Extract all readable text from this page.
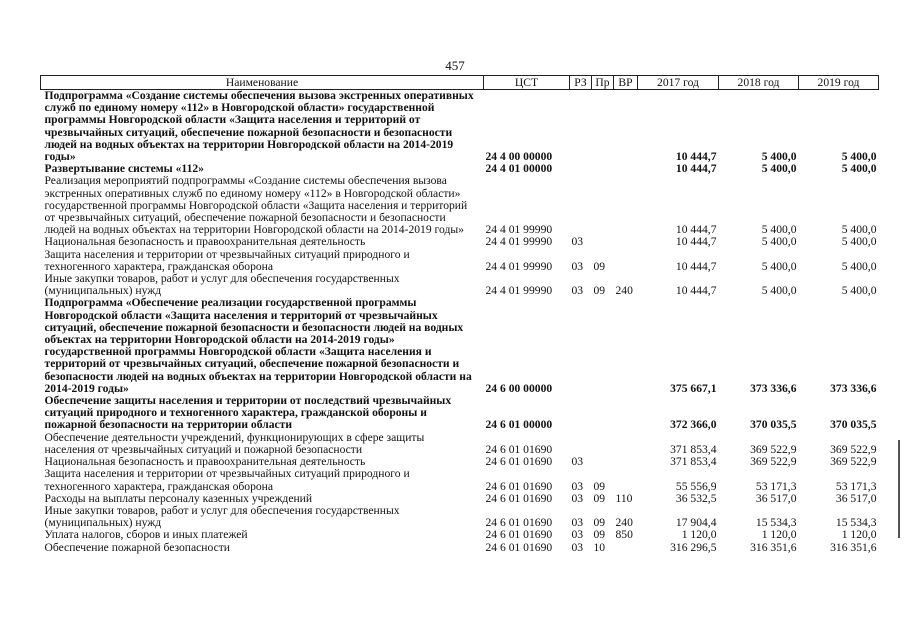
457
Наименование	ЦСТ	РЗ	Пр	ВР	2017 год	2018 год	2019 год
Подпрограмма «Создание системы обеспечения вызова экстренных оперативных служб по единому номеру «112» в Новгородской области» государственной программы Новгородской области «Защита населения и территорий от чрезвычайных ситуаций, обеспечение пожарной безопасности и безопасности людей на водных объектах на территории Новгородской области на 2014-2019 годы»	24 4 00 00000				10 444,7	5 400,0	5 400,0
Развертывание системы «112»	24 4 01 00000				10 444,7	5 400,0	5 400,0
Реализация мероприятий подпрограммы «Создание системы обеспечения вызова экстренных оперативных служб по единому номеру «112» в Новгородской области» государственной программы Новгородской области «Защита населения и территорий от чрезвычайных ситуаций, обеспечение пожарной безопасности и безопасности людей на водных объектах на территории Новгородской области на 2014-2019 годы»	24 4 01 99990				10 444,7	5 400,0	5 400,0
Национальная безопасность и правоохранительная деятельность	24 4 01 99990	03			10 444,7	5 400,0	5 400,0
Защита населения и территории от чрезвычайных ситуаций природного и техногенного характера, гражданская оборона	24 4 01 99990	03	09		10 444,7	5 400,0	5 400,0
Иные закупки товаров, работ и услуг для обеспечения государственных (муниципальных) нужд	24 4 01 99990	03	09	240	10 444,7	5 400,0	5 400,0
Подпрограмма «Обеспечение реализации государственной программы Новгородской области «Защита населения и территорий от чрезвычайных ситуаций, обеспечение пожарной безопасности и безопасности людей на водных объектах на территории Новгородской области на 2014-2019 годы» государственной программы Новгородской области «Защита населения и территорий от чрезвычайных ситуаций, обеспечение пожарной безопасности и безопасности людей на водных объектах на территории Новгородской области на 2014-2019 годы»	24 6 00 00000				375 667,1	373 336,6	373 336,6
Обеспечение защиты населения и территории от последствий чрезвычайных ситуаций природного и техногенного характера, гражданской обороны и пожарной безопасности на территории области	24 6 01 00000				372 366,0	370 035,5	370 035,5
Обеспечение деятельности учреждений, функционирующих в сфере защиты населения от чрезвычайных ситуаций и пожарной безопасности	24 6 01 01690				371 853,4	369 522,9	369 522,9
Национальная безопасность и правоохранительная деятельность	24 6 01 01690	03			371 853,4	369 522,9	369 522,9
Защита населения и территории от чрезвычайных ситуаций природного и техногенного характера, гражданская оборона	24 6 01 01690	03	09		55 556,9	53 171,3	53 171,3
Расходы на выплаты персоналу казенных учреждений	24 6 01 01690	03	09	110	36 532,5	36 517,0	36 517,0
Иные закупки товаров, работ и услуг для обеспечения государственных (муниципальных) нужд	24 6 01 01690	03	09	240	17 904,4	15 534,3	15 534,3
Уплата налогов, сборов и иных платежей	24 6 01 01690	03	09	850	1 120,0	1 120,0	1 120,0
Обеспечение пожарной безопасности	24 6 01 01690	03	10		316 296,5	316 351,6	316 351,6
